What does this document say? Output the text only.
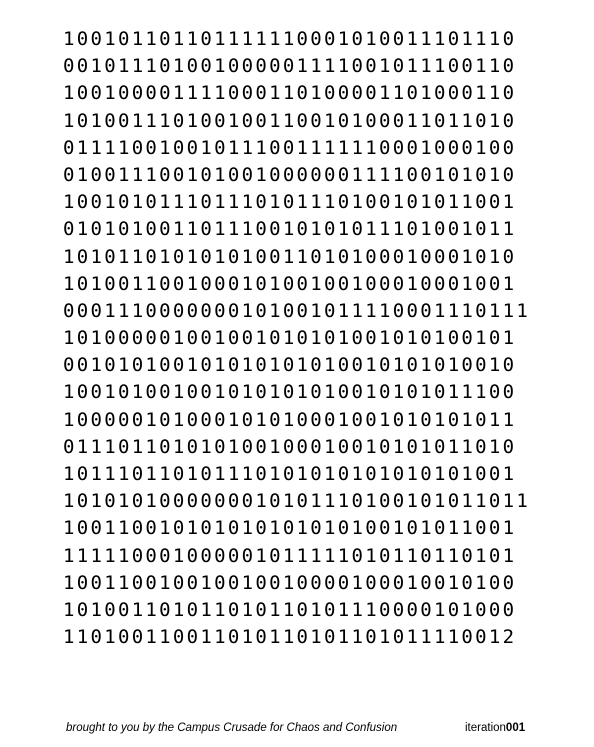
100101101101111110001010011101110
001011101001000001111001011100110
100100001111000110100001101000110
101001110100100110010100011011010
011110010010111001111110001000100
010011100101001000000111100101010
100101011101110101110100101011001
010101001101110010101011101001011
101011010101010011010100010001010
101001100100010100100100010001001
0001110000000101001011110001110111
101000001001001010101001010100101
001010100101010101010010101010010
100101001001010101010010101011100
100000101000101010001001010101011
011101101010100100010010101011010
101110110101110101010101010101001
1010101000000010101110100101011011
100110010101010101010100101011001
111110001000001011111010110110101
100110010010010010000100010010100
101001101011010110101110000101000
110100110011010110101101011110012
brought to you by the Campus Crusade for Chaos and Confusion	iteration001
